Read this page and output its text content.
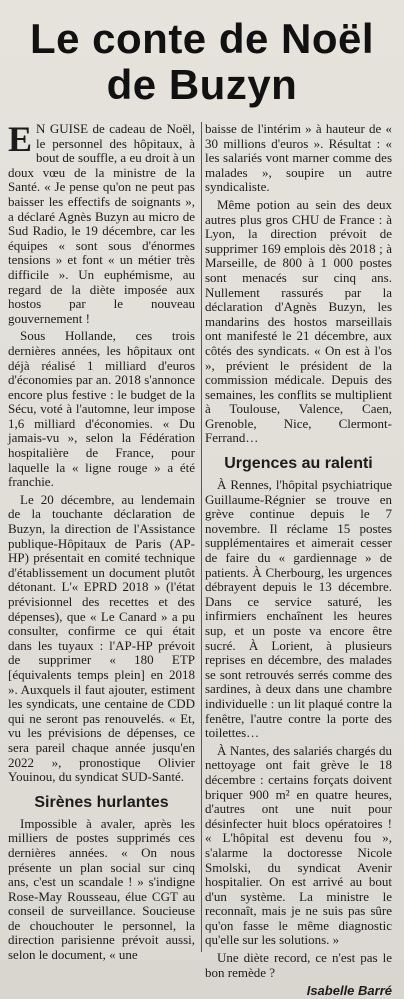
Le conte de Noël de Buzyn

E N GUISE de cadeau de Noël, le personnel des hôpitaux, à bout de souffle, a eu droit à un doux vœu de la ministre de la Santé. « Je pense qu'on ne peut pas baisser les effectifs de soignants », a déclaré Agnès Buzyn au micro de Sud Radio, le 19 décembre, car les équipes « sont sous d'énormes tensions » et font « un métier très difficile ». Un euphémisme, au regard de la diète imposée aux hostos par le nouveau gouvernement !

Sous Hollande, ces trois dernières années, les hôpitaux ont déjà réalisé 1 milliard d'euros d'économies par an. 2018 s'annonce encore plus festive : le budget de la Sécu, voté à l'automne, leur impose 1,6 milliard d'économies. « Du jamais-vu », selon la Fédération hospitalière de France, pour laquelle la « ligne rouge » a été franchie.

Le 20 décembre, au lendemain de la touchante déclaration de Buzyn, la direction de l'Assistance publique-Hôpitaux de Paris (AP-HP) présentait en comité technique d'établissement un document plutôt détonant. L'« EPRD 2018 » (l'état prévisionnel des recettes et des dépenses), que « Le Canard » a pu consulter, confirme ce qui était dans les tuyaux : l'AP-HP prévoit de supprimer « 180 ETP [équivalents temps plein] en 2018 ». Auxquels il faut ajouter, estiment les syndicats, une centaine de CDD qui ne seront pas renouvelés. « Et, vu les prévisions de dépenses, ce sera pareil chaque année jusqu'en 2022 », pronostique Olivier Youinou, du syndicat SUD-Santé.

Sirènes hurlantes

Impossible à avaler, après les milliers de postes supprimés ces dernières années. « On nous présente un plan social sur cinq ans, c'est un scandale ! » s'indigne Rose-May Rousseau, élue CGT au conseil de surveillance. Soucieuse de chouchouter le personnel, la direction parisienne prévoit aussi, selon le document, « une

baisse de l'intérim » à hauteur de « 30 millions d'euros ». Résultat : « les salariés vont marner comme des malades », soupire un autre syndicaliste.

Même potion au sein des deux autres plus gros CHU de France : à Lyon, la direction prévoit de supprimer 169 emplois dès 2018 ; à Marseille, de 800 à 1 000 postes sont menacés sur cinq ans. Nullement rassurés par la déclaration d'Agnès Buzyn, les mandarins des hostos marseillais ont manifesté le 21 décembre, aux côtés des syndicats. « On est à l'os », prévient le président de la commission médicale. Depuis des semaines, les conflits se multiplient à Toulouse, Valence, Caen, Grenoble, Nice, Clermont-Ferrand…

Urgences au ralenti

À Rennes, l'hôpital psychiatrique Guillaume-Régnier se trouve en grève continue depuis le 7 novembre. Il réclame 15 postes supplémentaires et aimerait cesser de faire du « gardiennage » de patients. À Cherbourg, les urgences débrayent depuis le 13 décembre. Dans ce service saturé, les infirmiers enchaînent les heures sup, et un poste va encore être sucré. À Lorient, à plusieurs reprises en décembre, des malades se sont retrouvés serrés comme des sardines, à deux dans une chambre individuelle : un lit plaqué contre la fenêtre, l'autre contre la porte des toilettes…

À Nantes, des salariés chargés du nettoyage ont fait grève le 18 décembre : certains forçats doivent briquer 900 m² en quatre heures, d'autres ont une nuit pour désinfecter huit blocs opératoires ! « L'hôpital est devenu fou », s'alarme la doctoresse Nicole Smolski, du syndicat Avenir hospitalier. On est arrivé au bout d'un système. La ministre le reconnaît, mais je ne suis pas sûre qu'on fasse le même diagnostic qu'elle sur les solutions. »

Une diète record, ce n'est pas le bon remède ?

Isabelle Barré
